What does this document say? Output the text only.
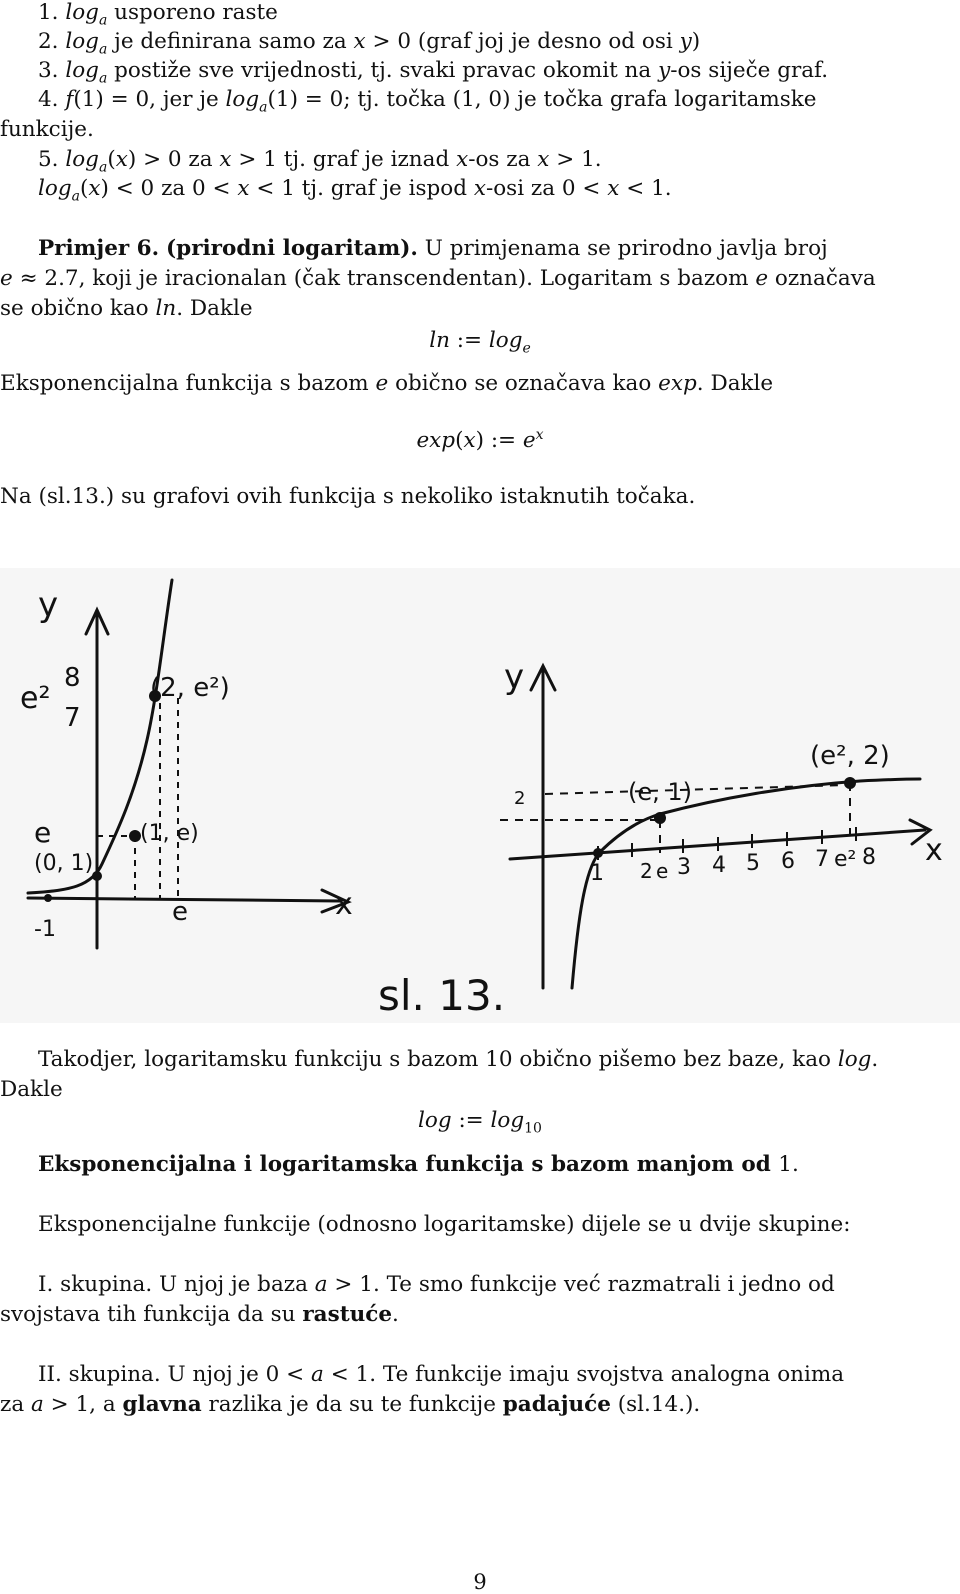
1. $\log_a$ usporeno raste
2. $\log_a$ je definirana samo za x > 0 (graf joj je desno od osi y)
3. $\log_a$ postiže sve vrijednosti, tj. svaki pravac okomit na y-os siječe graf.
4. f(1) = 0, jer je $\log_a(1) = 0$; tj. točka (1, 0) je točka grafa logaritamske
funkcije.
5. $\log_a(x) > 0$ za x > 1 tj. graf je iznad x-os za x > 1.
$\log_a(x) < 0$ za 0 < x < 1 tj. graf je ispod x-osi za 0 < x < 1.
Primjer 6. (prirodni logaritam). U primjenama se prirodno javlja broj
e ≈ 2.7, koji je iracionalan (čak transcendentan). Logaritam s bazom e označava
se obično kao ln. Dakle
ln := $\log_e$
Eksponencijalna funkcija s bazom e obično se označava kao exp. Dakle
exp(x) := $e^x$
Na (sl.13.) su grafovi ovih funkcija s nekoliko istaknutih točaka.
y
x
e²
8
7
e
(2, e²)
(1, e)
(0, 1)
-1
e
y
x
2	(e, 1)
(e², 2)
1 2 e 3 4 5 6 7 e² 8
sl. 13.
Takodjer, logaritamsku funkciju s bazom 10 obično pišemo bez baze, kao log.
Dakle
log := $\log_{10}$
Eksponencijalna i logaritamska funkcija s bazom manjom od 1.
Eksponencijalne funkcije (odnosno logaritamske) dijele se u dvije skupine:
I. skupina. U njoj je baza a > 1. Te smo funkcije već razmatrali i jedno od
svojstava tih funkcija da su rastuće.
II. skupina. U njoj je 0 < a < 1. Te funkcije imaju svojstva analogna onima
za a > 1, a glavna razlika je da su te funkcije padajuće (sl.14.).
9
